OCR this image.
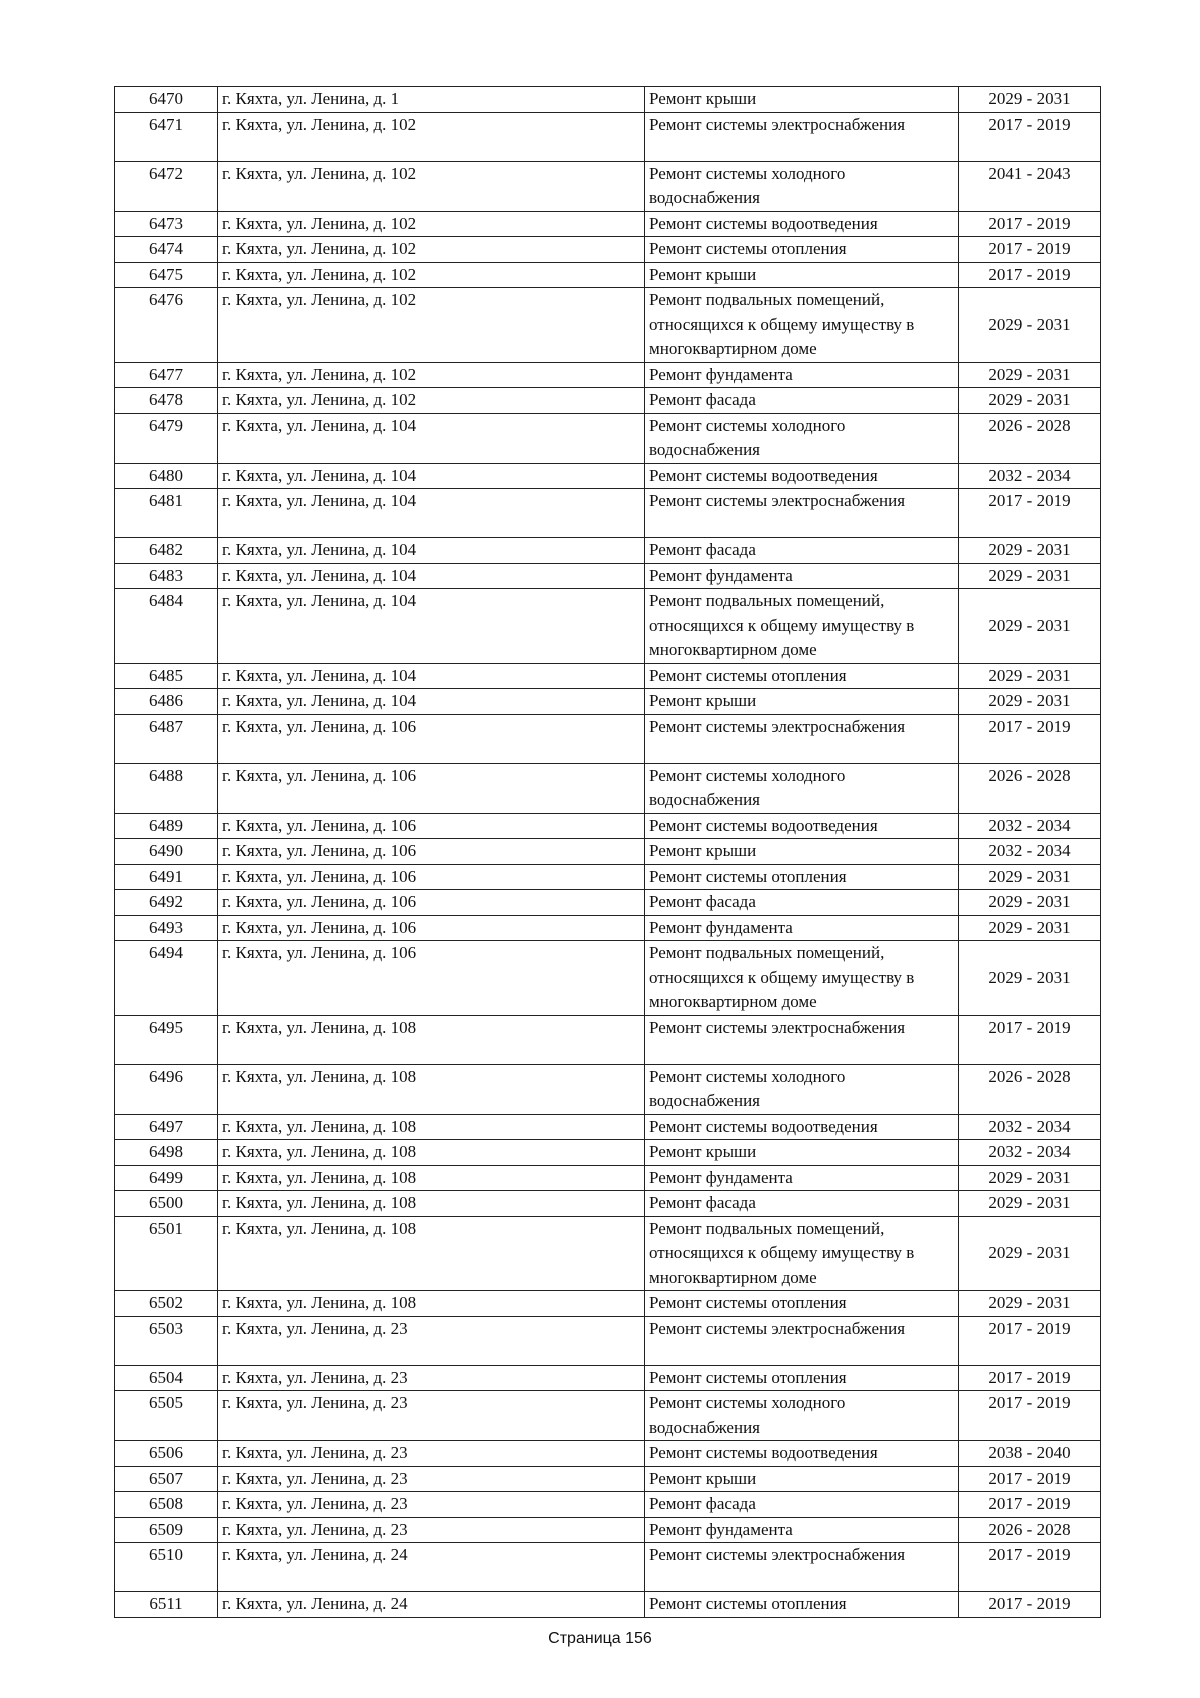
6470	г. Кяхта, ул. Ленина, д. 1	Ремонт крыши	2029 - 2031
6471	г. Кяхта, ул. Ленина, д. 102	Ремонт системы электроснабжения	2017 - 2019
6472	г. Кяхта, ул. Ленина, д. 102	Ремонт системы холодного водоснабжения	2041 - 2043
6473	г. Кяхта, ул. Ленина, д. 102	Ремонт системы водоотведения	2017 - 2019
6474	г. Кяхта, ул. Ленина, д. 102	Ремонт системы отопления	2017 - 2019
6475	г. Кяхта, ул. Ленина, д. 102	Ремонт крыши	2017 - 2019
6476	г. Кяхта, ул. Ленина, д. 102	Ремонт подвальных помещений, относящихся к общему имуществу в многоквартирном доме	2029 - 2031
6477	г. Кяхта, ул. Ленина, д. 102	Ремонт фундамента	2029 - 2031
6478	г. Кяхта, ул. Ленина, д. 102	Ремонт фасада	2029 - 2031
6479	г. Кяхта, ул. Ленина, д. 104	Ремонт системы холодного водоснабжения	2026 - 2028
6480	г. Кяхта, ул. Ленина, д. 104	Ремонт системы водоотведения	2032 - 2034
6481	г. Кяхта, ул. Ленина, д. 104	Ремонт системы электроснабжения	2017 - 2019
6482	г. Кяхта, ул. Ленина, д. 104	Ремонт фасада	2029 - 2031
6483	г. Кяхта, ул. Ленина, д. 104	Ремонт фундамента	2029 - 2031
6484	г. Кяхта, ул. Ленина, д. 104	Ремонт подвальных помещений, относящихся к общему имуществу в многоквартирном доме	2029 - 2031
6485	г. Кяхта, ул. Ленина, д. 104	Ремонт системы отопления	2029 - 2031
6486	г. Кяхта, ул. Ленина, д. 104	Ремонт крыши	2029 - 2031
6487	г. Кяхта, ул. Ленина, д. 106	Ремонт системы электроснабжения	2017 - 2019
6488	г. Кяхта, ул. Ленина, д. 106	Ремонт системы холодного водоснабжения	2026 - 2028
6489	г. Кяхта, ул. Ленина, д. 106	Ремонт системы водоотведения	2032 - 2034
6490	г. Кяхта, ул. Ленина, д. 106	Ремонт крыши	2032 - 2034
6491	г. Кяхта, ул. Ленина, д. 106	Ремонт системы отопления	2029 - 2031
6492	г. Кяхта, ул. Ленина, д. 106	Ремонт фасада	2029 - 2031
6493	г. Кяхта, ул. Ленина, д. 106	Ремонт фундамента	2029 - 2031
6494	г. Кяхта, ул. Ленина, д. 106	Ремонт подвальных помещений, относящихся к общему имуществу в многоквартирном доме	2029 - 2031
6495	г. Кяхта, ул. Ленина, д. 108	Ремонт системы электроснабжения	2017 - 2019
6496	г. Кяхта, ул. Ленина, д. 108	Ремонт системы холодного водоснабжения	2026 - 2028
6497	г. Кяхта, ул. Ленина, д. 108	Ремонт системы водоотведения	2032 - 2034
6498	г. Кяхта, ул. Ленина, д. 108	Ремонт крыши	2032 - 2034
6499	г. Кяхта, ул. Ленина, д. 108	Ремонт фундамента	2029 - 2031
6500	г. Кяхта, ул. Ленина, д. 108	Ремонт фасада	2029 - 2031
6501	г. Кяхта, ул. Ленина, д. 108	Ремонт подвальных помещений, относящихся к общему имуществу в многоквартирном доме	2029 - 2031
6502	г. Кяхта, ул. Ленина, д. 108	Ремонт системы отопления	2029 - 2031
6503	г. Кяхта, ул. Ленина, д. 23	Ремонт системы электроснабжения	2017 - 2019
6504	г. Кяхта, ул. Ленина, д. 23	Ремонт системы отопления	2017 - 2019
6505	г. Кяхта, ул. Ленина, д. 23	Ремонт системы холодного водоснабжения	2017 - 2019
6506	г. Кяхта, ул. Ленина, д. 23	Ремонт системы водоотведения	2038 - 2040
6507	г. Кяхта, ул. Ленина, д. 23	Ремонт крыши	2017 - 2019
6508	г. Кяхта, ул. Ленина, д. 23	Ремонт фасада	2017 - 2019
6509	г. Кяхта, ул. Ленина, д. 23	Ремонт фундамента	2026 - 2028
6510	г. Кяхта, ул. Ленина, д. 24	Ремонт системы электроснабжения	2017 - 2019
6511	г. Кяхта, ул. Ленина, д. 24	Ремонт системы отопления	2017 - 2019
Страница 156
